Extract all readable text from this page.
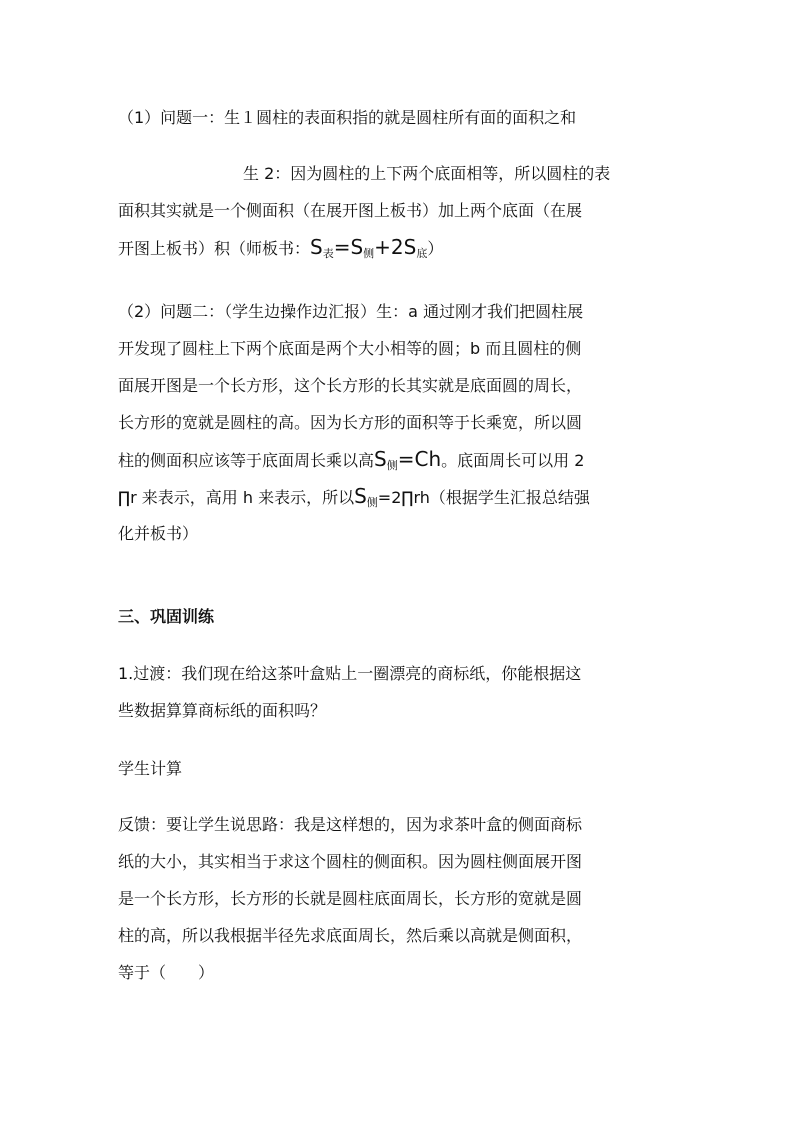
（1）问题一：生１圆柱的表面积指的就是圆柱所有面的面积之和
生 2：因为圆柱的上下两个底面相等，所以圆柱的表
面积其实就是一个侧面积（在展开图上板书）加上两个底面（在展
开图上板书）积（师板书：$S_表=S_侧+2S_底$）
（2）问题二：（学生边操作边汇报）生：a 通过刚才我们把圆柱展
开发现了圆柱上下两个底面是两个大小相等的圆；b 而且圆柱的侧
面展开图是一个长方形，这个长方形的长其实就是底面圆的周长，
长方形的宽就是圆柱的高。因为长方形的面积等于长乘宽，所以圆
柱的侧面积应该等于底面周长乘以高$S_侧=Ch$。底面周长可以用 2
∏r 来表示，高用 h 来表示，所以$S_侧=2\prod rh$（根据学生汇报总结强
化并板书）
三、巩固训练
1.过渡：我们现在给这茶叶盒贴上一圈漂亮的商标纸，你能根据这
些数据算算商标纸的面积吗？
学生计算
反馈：要让学生说思路：我是这样想的，因为求茶叶盒的侧面商标
纸的大小，其实相当于求这个圆柱的侧面积。因为圆柱侧面展开图
是一个长方形，长方形的长就是圆柱底面周长，长方形的宽就是圆
柱的高，所以我根据半径先求底面周长，然后乘以高就是侧面积，
等于（　　）
